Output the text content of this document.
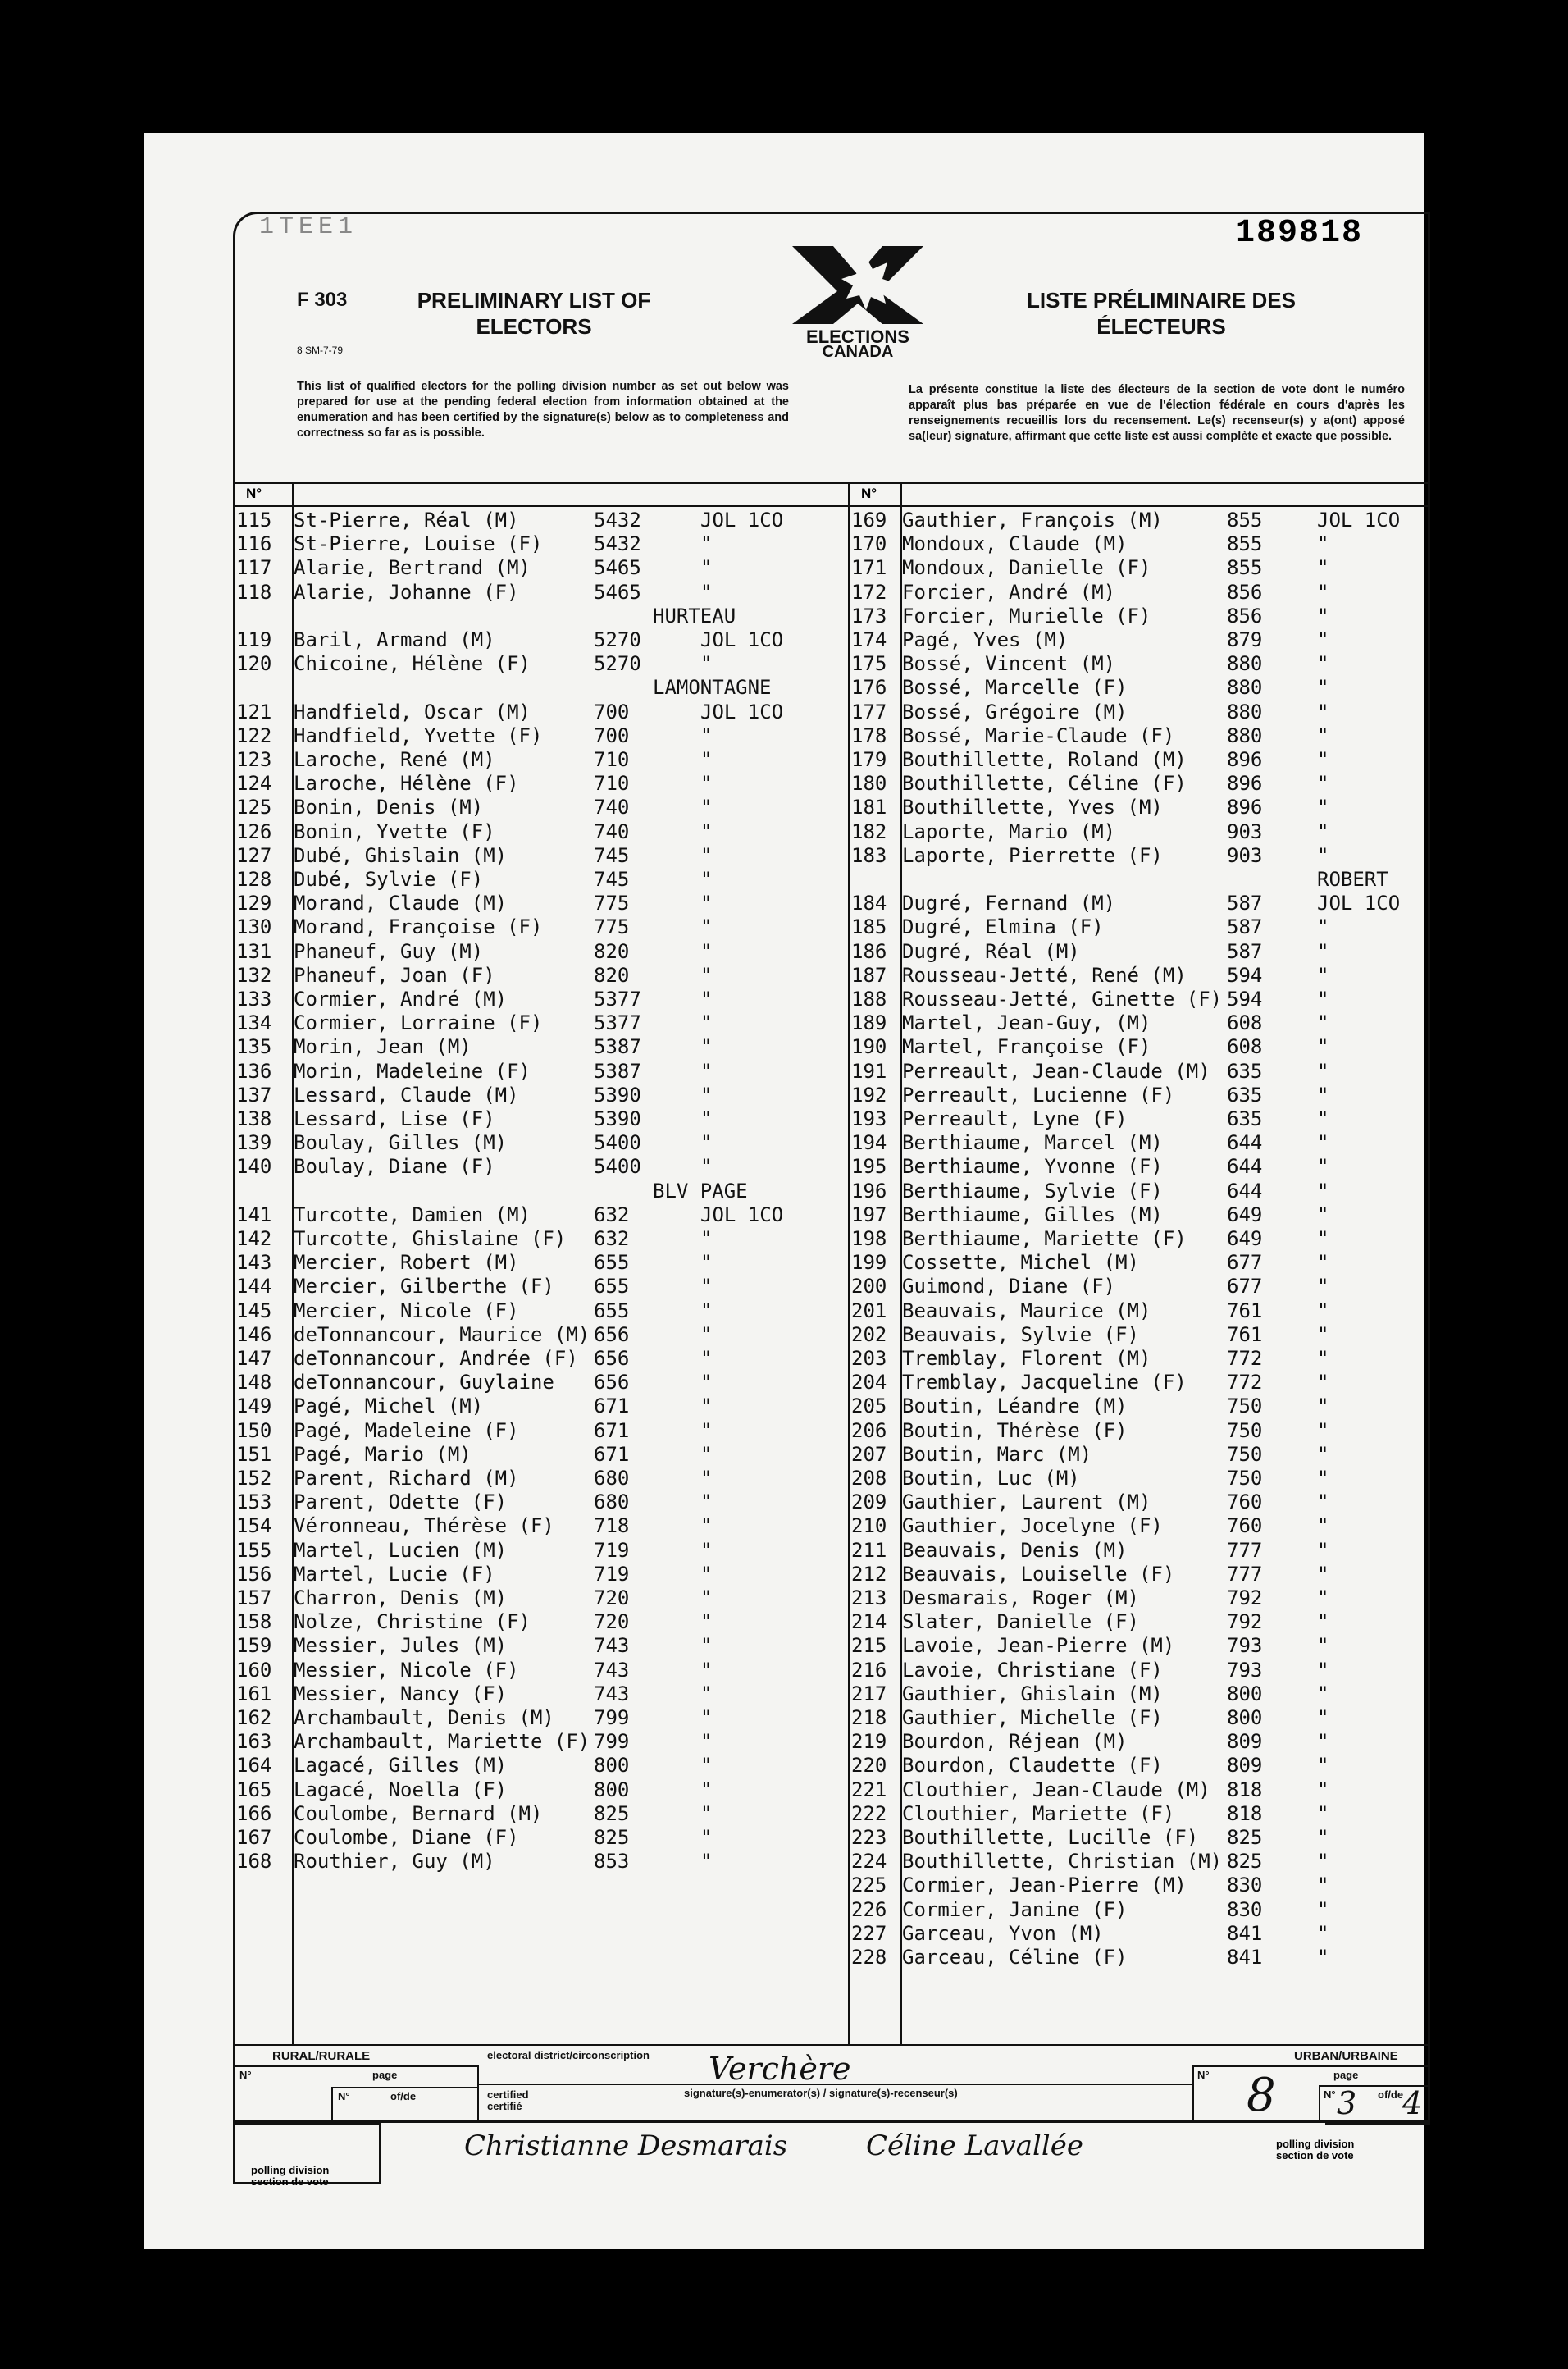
1TEE1	189818
F 303
8 SM-7-79
PRELIMINARY LIST OF
ELECTORS	ELECTIONS
CANADA
LISTE PRÉLIMINAIRE DES
ÉLECTEURS
This list of qualified electors for the polling division number as set out below was prepared for use at the pending federal election from information obtained at the enumeration and has been certified by the signature(s) below as to completeness and correctness so far as is possible.
La présente constitue la liste des électeurs de la section de vote dont le numéro apparaît plus bas préparée en vue de l'élection fédérale en cours d'après les renseignements recueillis lors du recensement. Le(s) recenseur(s) y a(ont) apposé sa(leur) signature, affirmant que cette liste est aussi complète et exacte que possible.
N°	N°
115 St-Pierre, Réal (M)	5432	JOL 1CO
116 St-Pierre, Louise (F)	5432	"
117 Alarie, Bertrand (M)	5465	"
118 Alarie, Johanne (F)	5465	"
HURTEAU
119 Baril, Armand (M)	5270	JOL 1CO
120 Chicoine, Hélène (F)	5270	"
LAMONTAGNE
121 Handfield, Oscar (M)	700	JOL 1CO
122 Handfield, Yvette (F)	700	"
123 Laroche, René (M)	710	"
124 Laroche, Hélène (F)	710	"
125 Bonin, Denis (M)	740	"
126 Bonin, Yvette (F)	740	"
127 Dubé, Ghislain (M)	745	"
128 Dubé, Sylvie (F)	745	"
129 Morand, Claude (M)	775	"
130 Morand, Françoise (F)	775	"
131 Phaneuf, Guy (M)	820	"
132 Phaneuf, Joan (F)	820	"
133 Cormier, André (M)	5377	"
134 Cormier, Lorraine (F)	5377	"
135 Morin, Jean (M)	5387	"
136 Morin, Madeleine (F)	5387	"
137 Lessard, Claude (M)	5390	"
138 Lessard, Lise (F)	5390	"
139 Boulay, Gilles (M)	5400	"
140 Boulay, Diane (F)	5400	"
BLV PAGE
141 Turcotte, Damien (M)	632	JOL 1CO
142 Turcotte, Ghislaine (F) 632	"
143 Mercier, Robert (M)	655	"
144 Mercier, Gilberthe (F) 655	"
145 Mercier, Nicole (F)	655	"
146 deTonnancour, Maurice (M) 656	"
147 deTonnancour, Andrée (F) 656	"
148 deTonnancour, Guylaine 656	"
149 Pagé, Michel (M)	671	"
150 Pagé, Madeleine (F)	671	"
151 Pagé, Mario (M)	671	"
152 Parent, Richard (M)	680	"
153 Parent, Odette (F)	680	"
154 Véronneau, Thérèse (F) 718	"
155 Martel, Lucien (M)	719	"
156 Martel, Lucie (F)	719	"
157 Charron, Denis (M)	720	"
158 Nolze, Christine (F)	720	"
159 Messier, Jules (M)	743	"
160 Messier, Nicole (F)	743	"
161 Messier, Nancy (F)	743	"
162 Archambault, Denis (M) 799	"
163 Archambault, Mariette (F) 799	"
164 Lagacé, Gilles (M)	800	"
165 Lagacé, Noella (F)	800	"
166 Coulombe, Bernard (M)	825	"
167 Coulombe, Diane (F)	825	"
168 Routhier, Guy (M)	853	"
169 Gauthier, François (M)	855	JOL 1CO
170 Mondoux, Claude (M)	855	"
171 Mondoux, Danielle (F)	855	"
172 Forcier, André (M)	856	"
173 Forcier, Murielle (F)	856	"
174 Pagé, Yves (M)	879	"
175 Bossé, Vincent (M)	880	"
176 Bossé, Marcelle (F)	880	"
177 Bossé, Grégoire (M)	880	"
178 Bossé, Marie-Claude (F)	880	"
179 Bouthillette, Roland (M) 896	"
180 Bouthillette, Céline (F) 896	"
181 Bouthillette, Yves (M)	896	"
182 Laporte, Mario (M)	903	"
183 Laporte, Pierrette (F)	903	"
ROBERT
184 Dugré, Fernand (M)	587	JOL 1CO
185 Dugré, Elmina (F)	587	"
186 Dugré, Réal (M)	587	"
187 Rousseau-Jetté, René (M) 594	"
188 Rousseau-Jetté, Ginette (F) 594	"
189 Martel, Jean-Guy, (M)	608	"
190 Martel, Françoise (F)	608	"
191 Perreault, Jean-Claude (M) 635	"
192 Perreault, Lucienne (F)	635	"
193 Perreault, Lyne (F)	635	"
194 Berthiaume, Marcel (M)	644	"
195 Berthiaume, Yvonne (F)	644	"
196 Berthiaume, Sylvie (F)	644	"
197 Berthiaume, Gilles (M)	649	"
198 Berthiaume, Mariette (F) 649	"
199 Cossette, Michel (M)	677	"
200 Guimond, Diane (F)	677	"
201 Beauvais, Maurice (M)	761	"
202 Beauvais, Sylvie (F)	761	"
203 Tremblay, Florent (M)	772	"
204 Tremblay, Jacqueline (F) 772	"
205 Boutin, Léandre (M)	750	"
206 Boutin, Thérèse (F)	750	"
207 Boutin, Marc (M)	750	"
208 Boutin, Luc (M)	750	"
209 Gauthier, Laurent (M)	760	"
210 Gauthier, Jocelyne (F)	760	"
211 Beauvais, Denis (M)	777	"
212 Beauvais, Louiselle (F)	777	"
213 Desmarais, Roger (M)	792	"
214 Slater, Danielle (F)	792	"
215 Lavoie, Jean-Pierre (M)	793	"
216 Lavoie, Christiane (F)	793	"
217 Gauthier, Ghislain (M)	800	"
218 Gauthier, Michelle (F)	800	"
219 Bourdon, Réjean (M)	809	"
220 Bourdon, Claudette (F)	809	"
221 Clouthier, Jean-Claude (M) 818	"
222 Clouthier, Mariette (F)	818	"
223 Bouthillette, Lucille (F) 825	"
224 Bouthillette, Christian (M) 825	"
225 Cormier, Jean-Pierre (M) 830	"
226 Cormier, Janine (F)	830	"
227 Garceau, Yvon (M)	841	"
228 Garceau, Céline (F)	841	"
RURAL/RURALE
N°	page
N°	of/de
electoral district/circonscription Verchère
certified
certifié
signature(s)-enumerator(s) / signature(s)-recenseur(s)
URBAN/URBAINE
N°	page
8	N° 3 of/de
4
polling division
section de vote
Christianne Desmarais	Céline Lavallée	polling division
section de vote
